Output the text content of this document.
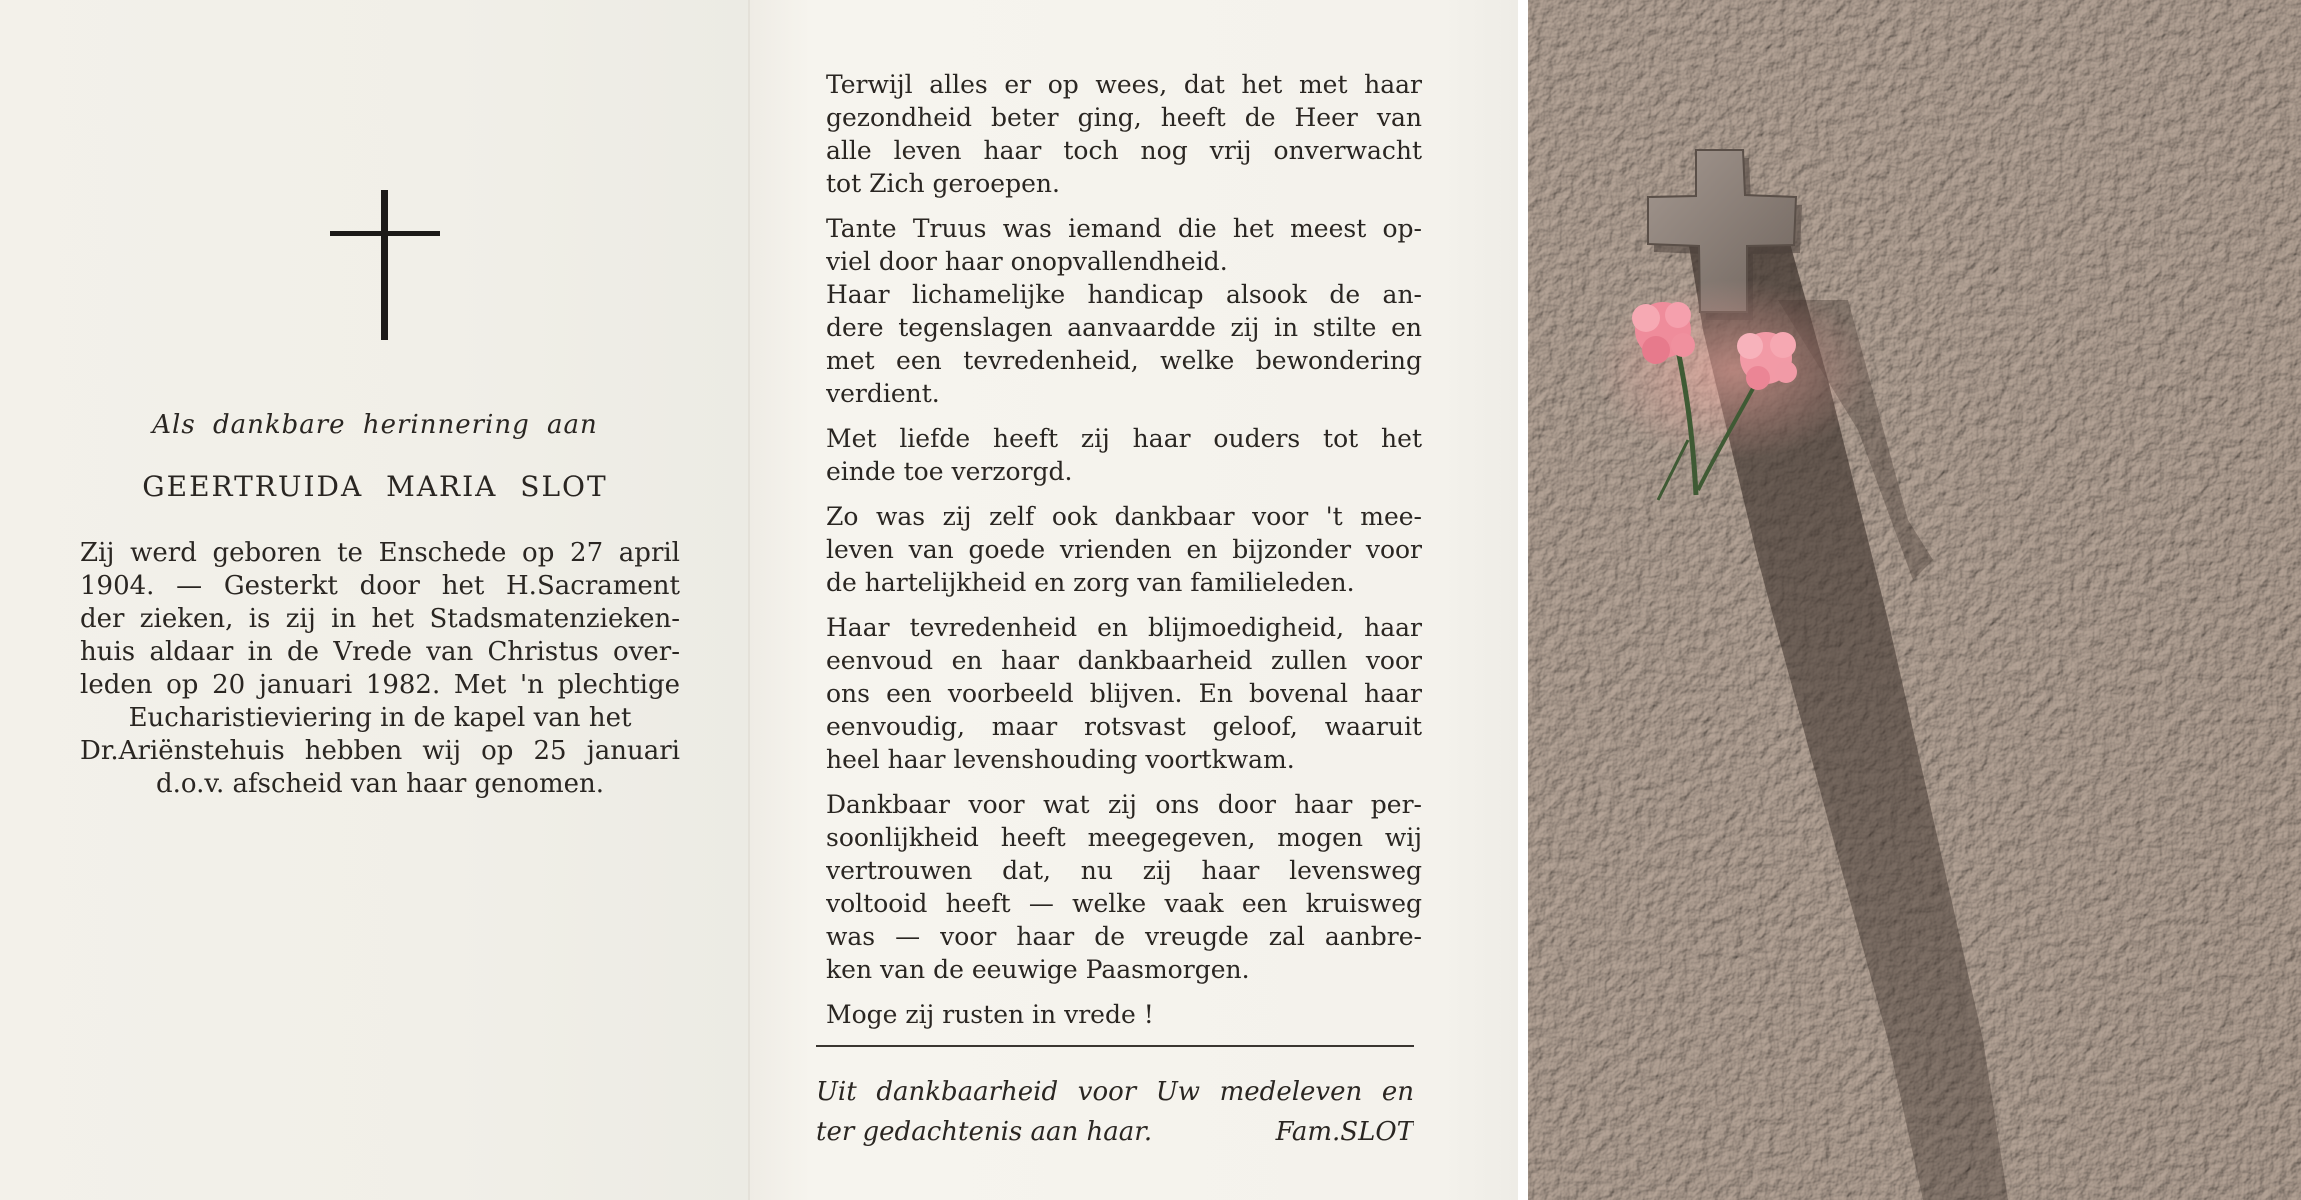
Als dankbare herinnering aan
GEERTRUIDA MARIA SLOT
Zij werd geboren te Enschede op 27 april
1904. — Gesterkt door het H.Sacrament
der zieken, is zij in het Stadsmatenzieken-
huis aldaar in de Vrede van Christus over-
leden op 20 januari 1982. Met 'n plechtige
Eucharistieviering in de kapel van het
Dr.Ariënstehuis hebben wij op 25 januari
d.o.v. afscheid van haar genomen.
Terwijl alles er op wees, dat het met haar
gezondheid beter ging, heeft de Heer van
alle leven haar toch nog vrij onverwacht
tot Zich geroepen.
Tante Truus was iemand die het meest op-
viel door haar onopvallendheid.
Haar lichamelijke handicap alsook de an-
dere tegenslagen aanvaardde zij in stilte en
met een tevredenheid, welke bewondering
verdient.
Met liefde heeft zij haar ouders tot het
einde toe verzorgd.
Zo was zij zelf ook dankbaar voor 't mee-
leven van goede vrienden en bijzonder voor
de hartelijkheid en zorg van familieleden.
Haar tevredenheid en blijmoedigheid, haar
eenvoud en haar dankbaarheid zullen voor
ons een voorbeeld blijven. En bovenal haar
eenvoudig, maar rotsvast geloof, waaruit
heel haar levenshouding voortkwam.
Dankbaar voor wat zij ons door haar per-
soonlijkheid heeft meegegeven, mogen wij
vertrouwen dat, nu zij haar levensweg
voltooid heeft — welke vaak een kruisweg
was — voor haar de vreugde zal aanbre-
ken van de eeuwige Paasmorgen.
Moge zij rusten in vrede !
Uit dankbaarheid voor Uw medeleven en
ter gedachtenis aan haar.	Fam.SLOT
